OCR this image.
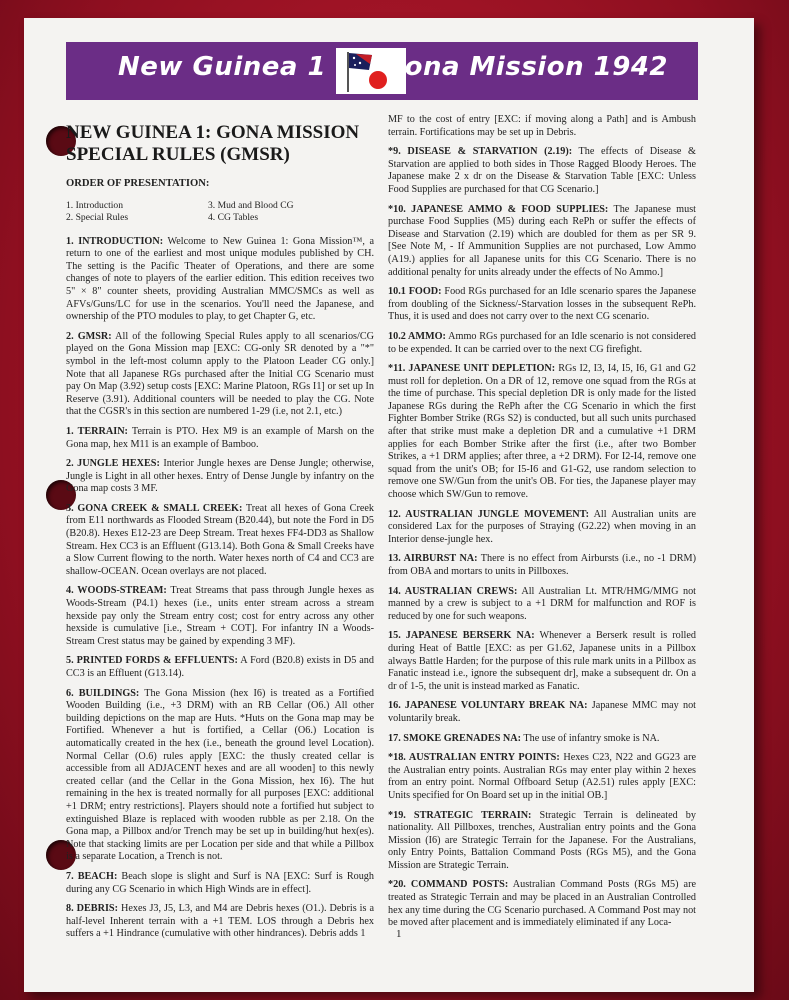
New Guinea 1 Gona Mission 1942
NEW GUINEA 1: GONA MISSION SPECIAL RULES (GMSR)
ORDER OF PRESENTATION:
1. Introduction	3. Mud and Blood CG
2. Special Rules	4. CG Tables

1. INTRODUCTION: Welcome to New Guinea 1: Gona Mission™, a return to one of the earliest and most unique modules published by CH. The setting is the Pacific Theater of Operations, and there are some changes of note to players of the earlier edition. This edition receives two 5" × 8" counter sheets, providing Australian MMC/SMCs as well as AFVs/Guns/LC for use in the scenarios. You'll need the Japanese, and ownership of the PTO modules to play, to get Chapter G, etc.

2. GMSR: All of the following Special Rules apply to all scenarios/CG played on the Gona Mission map [EXC: CG-only SR denoted by a "*" symbol in the left-most column apply to the Platoon Leader CG only.] Note that all Japanese RGs purchased after the Initial CG Scenario must pay On Map (3.92) setup costs [EXC: Marine Platoon, RGs I1] or set up In Reserve (3.91). Additional counters will be needed to play the CG. Note that the CGSR's in this section are numbered 1-29 (i.e, not 2.1, etc.)

1. TERRAIN: Terrain is PTO. Hex M9 is an example of Marsh on the Gona map, hex M11 is an example of Bamboo.

2. JUNGLE HEXES: Interior Jungle hexes are Dense Jungle; otherwise, Jungle is Light in all other hexes. Entry of Dense Jungle by infantry on the Gona map costs 3 MF.

3. GONA CREEK & SMALL CREEK: Treat all hexes of Gona Creek from E11 northwards as Flooded Stream (B20.44), but note the Ford in D5 (B20.8). Hexes E12-23 are Deep Stream. Treat hexes FF4-DD3 as Shallow Stream. Hex CC3 is an Effluent (G13.14). Both Gona & Small Creeks have a Slow Current flowing to the north. Water hexes north of C4 and CC3 are shallow-OCEAN. Ocean overlays are not placed.

4. WOODS-STREAM: Treat Streams that pass through Jungle hexes as Woods-Stream (P4.1) hexes (i.e., units enter stream across a stream hexside pay only the Stream entry cost; cost for entry across any other hexside is cumulative [i.e., Stream + COT]. For infantry IN a Woods-Stream Crest status may be gained by expending 3 MF).

5. PRINTED FORDS & EFFLUENTS: A Ford (B20.8) exists in D5 and CC3 is an Effluent (G13.14).

6. BUILDINGS: The Gona Mission (hex I6) is treated as a Fortified Wooden Building (i.e., +3 DRM) with an RB Cellar (O6.) All other building depictions on the map are Huts. *Huts on the Gona map may be Fortified. Whenever a hut is fortified, a Cellar (O6.) Location is automatically created in the hex (i.e., beneath the ground level Location). Normal Cellar (O.6) rules apply [EXC: the thusly created cellar is accessible from all ADJACENT hexes and are all wooden] to this newly created cellar (and the Cellar in the Gona Mission, hex I6). The hut remaining in the hex is treated normally for all purposes [EXC: additional +1 DRM; entry restrictions]. Players should note a fortified hut subject to extinguished Blaze is replaced with wooden rubble as per 2.18. On the Gona map, a Pillbox and/or Trench may be set up in building/hut hex(es). Note that stacking limits are per Location per side and that while a Pillbox is a separate Location, a Trench is not.

7. BEACH: Beach slope is slight and Surf is NA [EXC: Surf is Rough during any CG Scenario in which High Winds are in effect].

8. DEBRIS: Hexes J3, J5, L3, and M4 are Debris hexes (O1.). Debris is a half-level Inherent terrain with a +1 TEM. LOS through a Debris hex suffers a +1 Hindrance (cumulative with other hindrances). Debris adds 1

MF to the cost of entry [EXC: if moving along a Path] and is Ambush terrain. Fortifications may be set up in Debris.

*9. DISEASE & STARVATION (2.19): The effects of Disease & Starvation are applied to both sides in Those Ragged Bloody Heroes. The Japanese make 2 x dr on the Disease & Starvation Table [EXC: Unless Food Supplies are purchased for that CG Scenario.]

*10. JAPANESE AMMO & FOOD SUPPLIES: The Japanese must purchase Food Supplies (M5) during each RePh or suffer the effects of Disease and Starvation (2.19) which are doubled for them as per SR 9. [See Note M, - If Ammunition Supplies are not purchased, Low Ammo (A19.) applies for all Japanese units for this CG Scenario. There is no additional penalty for units already under the effects of No Ammo.]

10.1 FOOD: Food RGs purchased for an Idle scenario spares the Japanese from doubling of the Sickness/-Starvation losses in the subsequent RePh. Thus, it is used and does not carry over to the next CG scenario.

10.2 AMMO: Ammo RGs purchased for an Idle scenario is not considered to be expended. It can be carried over to the next CG firefight.

*11. JAPANESE UNIT DEPLETION: RGs I2, I3, I4, I5, I6, G1 and G2 must roll for depletion. On a DR of 12, remove one squad from the RGs at the time of purchase. This special depletion DR is only made for the listed Japanese RGs during the RePh after the CG Scenario in which the first Fighter Bomber Strike (RGs S2) is conducted, but all such units purchased after that strike must make a depletion DR and a cumulative +1 DRM applies for each Bomber Strike after the first (i.e., after two Bomber Strikes, a +1 DRM applies; after three, a +2 DRM). For I2-I4, remove one squad from the unit's OB; for I5-I6 and G1-G2, use random selection to remove one SW/Gun from the unit's OB. For ties, the Japanese player may choose which SW/Gun to remove.

12. AUSTRALIAN JUNGLE MOVEMENT: All Australian units are considered Lax for the purposes of Straying (G2.22) when moving in an Interior dense-jungle hex.

13. AIRBURST NA: There is no effect from Airbursts (i.e., no -1 DRM) from OBA and mortars to units in Pillboxes.

14. AUSTRALIAN CREWS: All Australian Lt. MTR/HMG/MMG not manned by a crew is subject to a +1 DRM for malfunction and ROF is reduced by one for such weapons.

15. JAPANESE BERSERK NA: Whenever a Berserk result is rolled during Heat of Battle [EXC: as per G1.62, Japanese units in a Pillbox always Battle Harden; for the purpose of this rule mark units in a Pillbox as Fanatic instead i.e., ignore the subsequent dr], make a subsequent dr. On a dr of 1-5, the unit is instead marked as Fanatic.

16. JAPANESE VOLUNTARY BREAK NA: Japanese MMC may not voluntarily break.

17. SMOKE GRENADES NA: The use of infantry smoke is NA.

*18. AUSTRALIAN ENTRY POINTS: Hexes C23, N22 and GG23 are the Australian entry points. Australian RGs may enter play within 2 hexes from an entry point. Normal Offboard Setup (A2.51) rules apply [EXC: Units specified for On Board set up in the initial OB.]

*19. STRATEGIC TERRAIN: Strategic Terrain is delineated by nationality. All Pillboxes, trenches, Australian entry points and the Gona Mission (I6) are Strategic Terrain for the Japanese. For the Australians, only Entry Points, Battalion Command Posts (RGs M5), and the Gona Mission are Strategic Terrain.

*20. COMMAND POSTS: Australian Command Posts (RGs M5) are treated as Strategic Terrain and may be placed in an Australian Controlled hex any time during the CG Scenario purchased. A Command Post may not be moved after placement and is immediately eliminated if any Loca-

1
